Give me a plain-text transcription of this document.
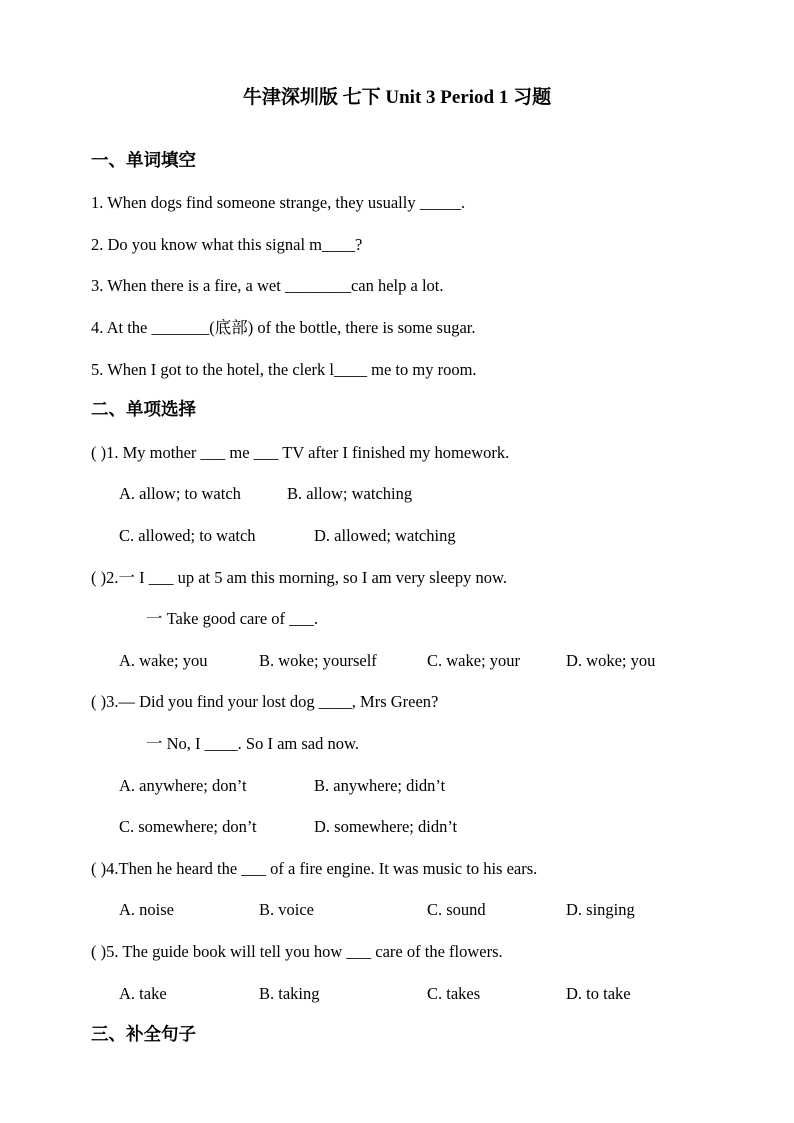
牛津深圳版 七下 Unit 3 Period 1 习题
一、单词填空
1. When dogs find someone strange, they usually _____.
2. Do you know what this signal m____?
3. When there is a fire, a wet ________can help a lot.
4. At the _______(底部) of the bottle, there is some sugar.
5. When I got to the hotel, the clerk l____ me to my room.
二、单项选择
( )1. My mother ___ me ___ TV after I finished my homework.
A. allow; to watch	B. allow; watching
C. allowed; to watch	D. allowed; watching
( )2.一 I ___ up at 5 am this morning, so I am very sleepy now.
一 Take good care of ___.
A. wake; you	B. woke; yourself	C. wake; your	D. woke; you
( )3.— Did you find your lost dog ____, Mrs Green?
一 No, I ____. So I am sad now.
A. anywhere; don’t	B. anywhere; didn’t
C. somewhere; don’t	D. somewhere; didn’t
( )4.Then he heard the ___ of a fire engine. It was music to his ears.
A. noise	B. voice	C. sound	D. singing
( )5. The guide book will tell you how ___ care of the flowers.
A. take	B. taking	C. takes	D. to take
三、补全句子
